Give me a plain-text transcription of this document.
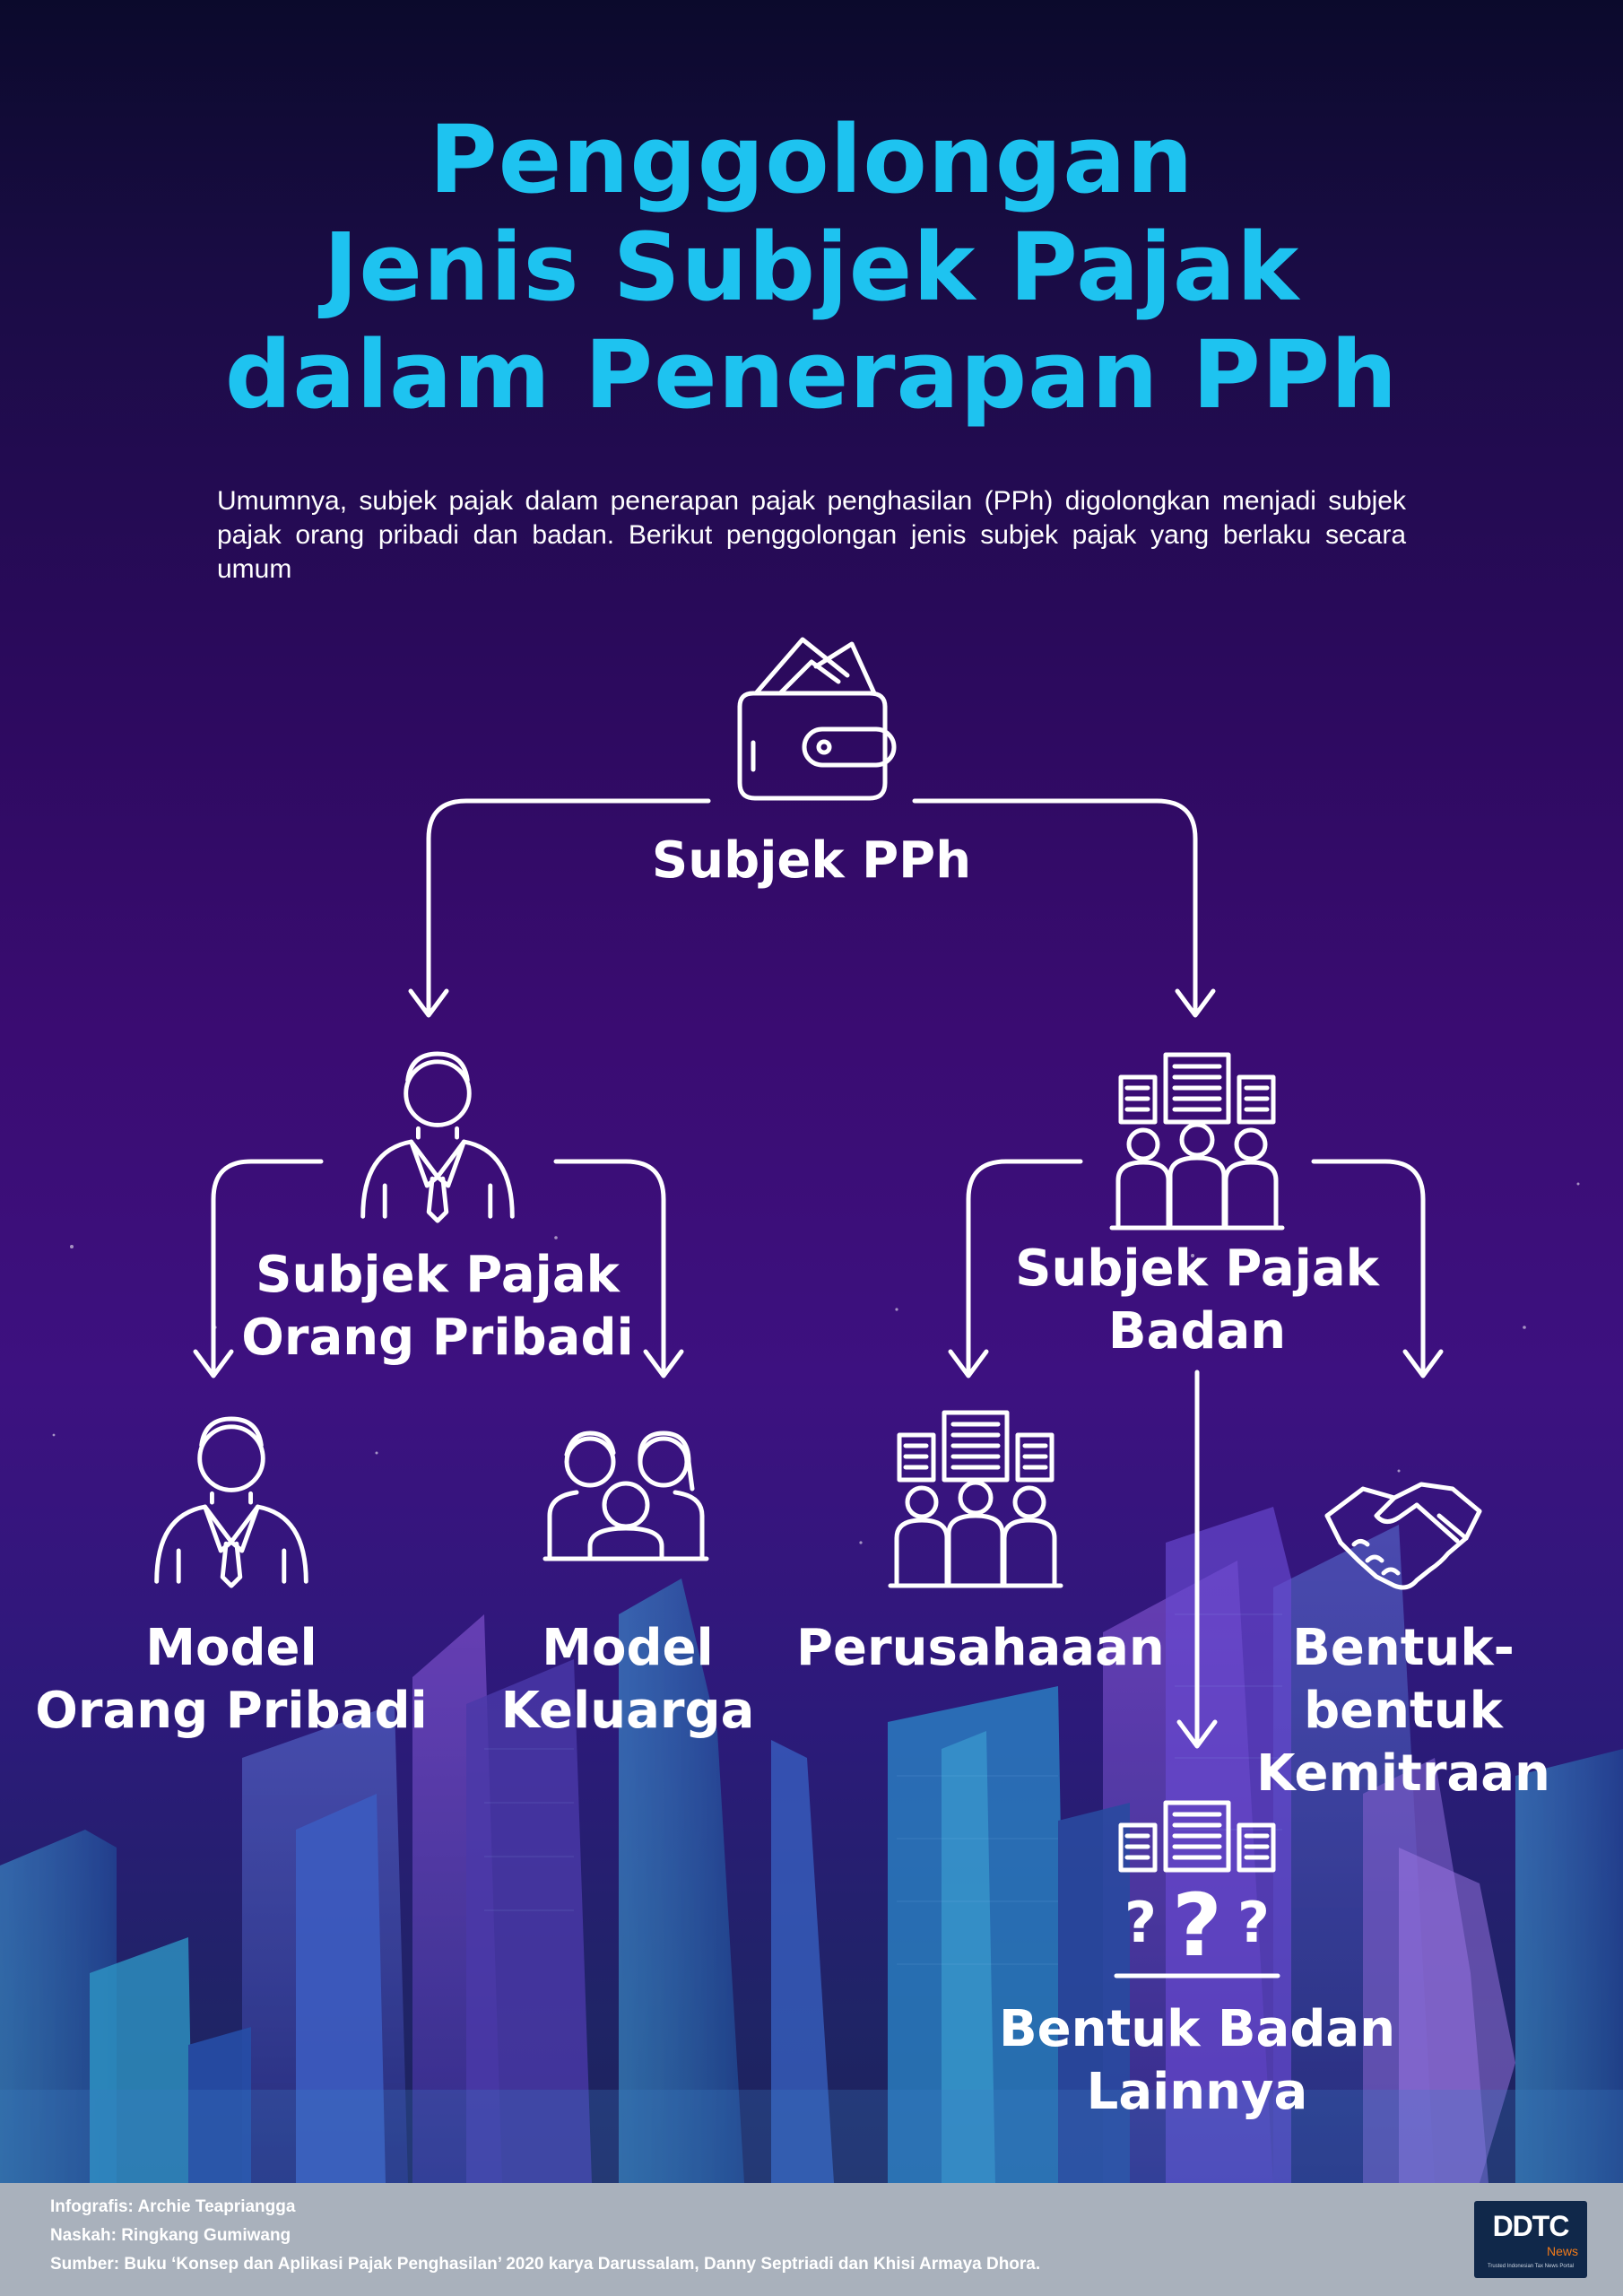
Penggolongan
Jenis Subjek Pajak
dalam Penerapan PPh
Umumnya, subjek pajak dalam penerapan pajak penghasilan (PPh) digolongkan menjadi subjek pajak orang pribadi dan badan. Berikut penggolongan jenis subjek pajak yang berlaku secara umum
? ? ?
Subjek PPh
Subjek Pajak
Orang Pribadi
Subjek Pajak
Badan
Model
Orang Pribadi
Model
Keluarga
Perusahaaan	Bentuk-
bentuk
Kemitraan
Bentuk Badan
Lainnya
Infografis: Archie Teapriangga
Naskah: Ringkang Gumiwang
Sumber: Buku ‘Konsep dan Aplikasi Pajak Penghasilan’ 2020 karya Darussalam, Danny Septriadi dan Khisi Armaya Dhora.
DDTC
News
Trusted Indonesian Tax News Portal
